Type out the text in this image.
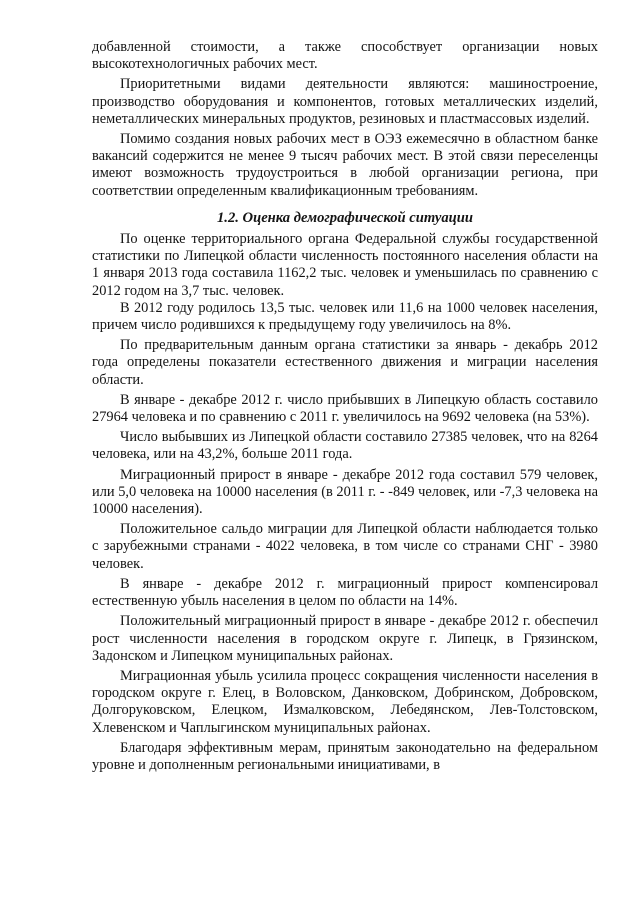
добавленной стоимости, а также способствует организации новых высокотехнологичных рабочих мест.

Приоритетными видами деятельности являются: машиностроение, производство оборудования и компонентов, готовых металлических изделий, неметаллических минеральных продуктов, резиновых и пластмассовых изделий.

Помимо создания новых рабочих мест в ОЭЗ ежемесячно в областном банке вакансий содержится не менее 9 тысяч рабочих мест. В этой связи переселенцы имеют возможность трудоустроиться в любой организации региона, при соответствии определенным квалификационным требованиям.

1.2. Оценка демографической ситуации

По оценке территориального органа Федеральной службы государственной статистики по Липецкой области численность постоянного населения области на 1 января 2013 года составила 1162,2 тыс. человек и уменьшилась по сравнению с 2012 годом на 3,7 тыс. человек.

В 2012 году родилось 13,5 тыс. человек или 11,6 на 1000 человек населения, причем число родившихся к предыдущему году увеличилось на 8%.

По предварительным данным органа статистики за январь - декабрь 2012 года определены показатели естественного движения и миграции населения области.

В январе - декабре 2012 г. число прибывших в Липецкую область составило 27964 человека и по сравнению с 2011 г. увеличилось на 9692 человека (на 53%).

Число выбывших из Липецкой области составило 27385 человек, что на 8264 человека, или на 43,2%, больше 2011 года.

Миграционный прирост в январе - декабре 2012 года составил 579 человек, или 5,0 человека на 10000 населения (в 2011 г. - -849 человек, или -7,3 человека на 10000 населения).

Положительное сальдо миграции для Липецкой области наблюдается только с зарубежными странами - 4022 человека, в том числе со странами СНГ - 3980 человек.

В январе - декабре 2012 г. миграционный прирост компенсировал естественную убыль населения в целом по области на 14%.

Положительный миграционный прирост в январе - декабре 2012 г. обеспечил рост численности населения в городском округе г. Липецк, в Грязинском, Задонском и Липецком муниципальных районах.

Миграционная убыль усилила процесс сокращения численности населения в городском округе г. Елец, в Воловском, Данковском, Добринском, Добровском, Долгоруковском, Елецком, Измалковском, Лебедянском, Лев-Толстовском, Хлевенском и Чаплыгинском муниципальных районах.

Благодаря эффективным мерам, принятым законодательно на федеральном уровне и дополненным региональными инициативами, в
